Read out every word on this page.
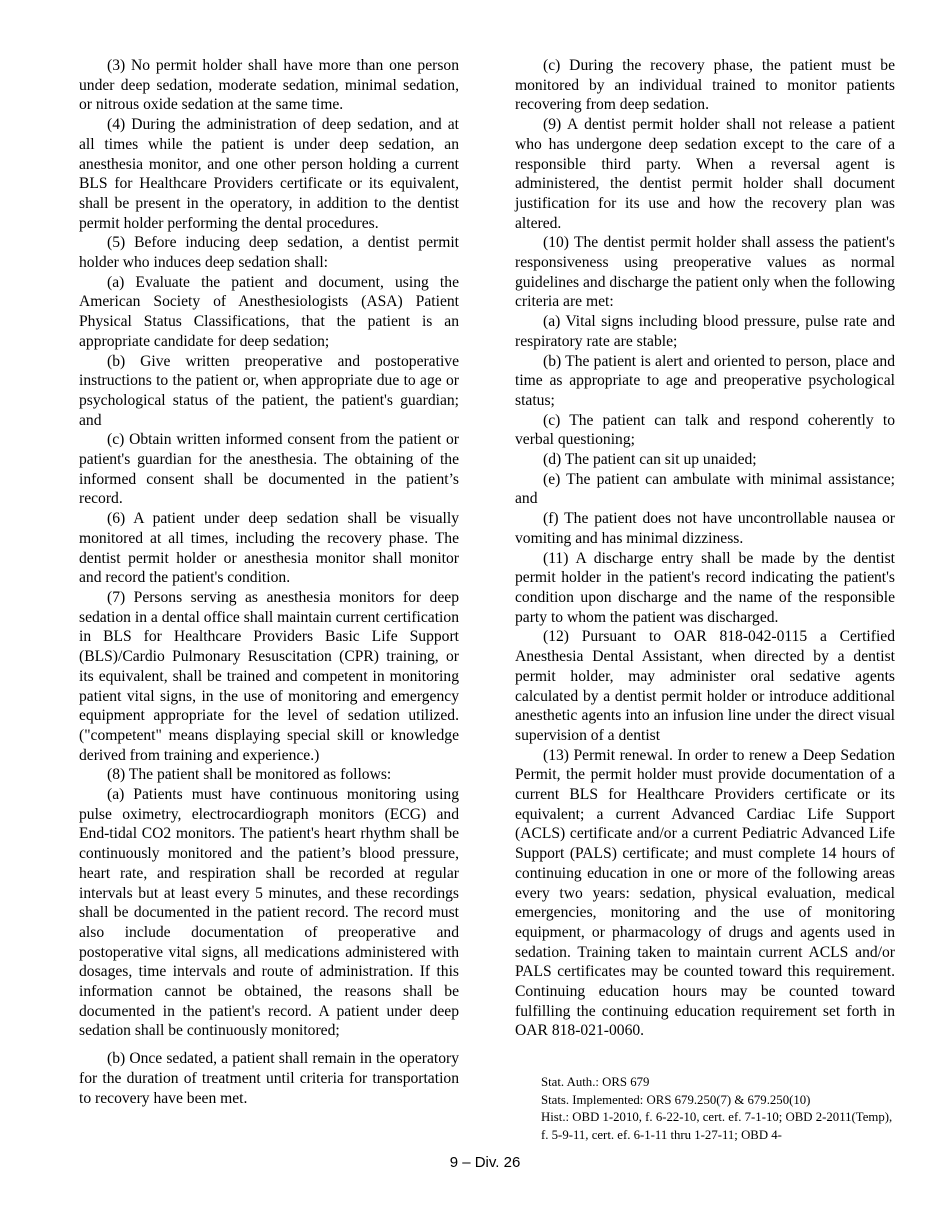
(3) No permit holder shall have more than one person under deep sedation, moderate sedation, minimal sedation, or nitrous oxide sedation at the same time.

(4) During the administration of deep sedation, and at all times while the patient is under deep sedation, an anesthesia monitor, and one other person holding a current BLS for Healthcare Providers certificate or its equivalent, shall be present in the operatory, in addition to the dentist permit holder performing the dental procedures.

(5) Before inducing deep sedation, a dentist permit holder who induces deep sedation shall:

(a) Evaluate the patient and document, using the American Society of Anesthesiologists (ASA) Patient Physical Status Classifications, that the patient is an appropriate candidate for deep sedation;

(b) Give written preoperative and postoperative instructions to the patient or, when appropriate due to age or psychological status of the patient, the patient's guardian; and

(c) Obtain written informed consent from the patient or patient's guardian for the anesthesia. The obtaining of the informed consent shall be documented in the patient’s record.

(6) A patient under deep sedation shall be visually monitored at all times, including the recovery phase. The dentist permit holder or anesthesia monitor shall monitor and record the patient's condition.

(7) Persons serving as anesthesia monitors for deep sedation in a dental office shall maintain current certification in BLS for Healthcare Providers Basic Life Support (BLS)/Cardio Pulmonary Resuscitation (CPR) training, or its equivalent, shall be trained and competent in monitoring patient vital signs, in the use of monitoring and emergency equipment appropriate for the level of sedation utilized. ("competent" means displaying special skill or knowledge derived from training and experience.)

(8) The patient shall be monitored as follows:

(a) Patients must have continuous monitoring using pulse oximetry, electrocardiograph monitors (ECG) and End-tidal CO2 monitors. The patient's heart rhythm shall be continuously monitored and the patient’s blood pressure, heart rate, and respiration shall be recorded at regular intervals but at least every 5 minutes, and these recordings shall be documented in the patient record. The record must also include documentation of preoperative and postoperative vital signs, all medications administered with dosages, time intervals and route of administration. If this information cannot be obtained, the reasons shall be documented in the patient's record. A patient under deep sedation shall be continuously monitored;

(b) Once sedated, a patient shall remain in the operatory for the duration of treatment until criteria for transportation to recovery have been met.

(c) During the recovery phase, the patient must be monitored by an individual trained to monitor patients recovering from deep sedation.

(9) A dentist permit holder shall not release a patient who has undergone deep sedation except to the care of a responsible third party. When a reversal agent is administered, the dentist permit holder shall document justification for its use and how the recovery plan was altered.

(10) The dentist permit holder shall assess the patient's responsiveness using preoperative values as normal guidelines and discharge the patient only when the following criteria are met:

(a) Vital signs including blood pressure, pulse rate and respiratory rate are stable;

(b) The patient is alert and oriented to person, place and time as appropriate to age and preoperative psychological status;

(c) The patient can talk and respond coherently to verbal questioning;

(d) The patient can sit up unaided;

(e) The patient can ambulate with minimal assistance; and

(f) The patient does not have uncontrollable nausea or vomiting and has minimal dizziness.

(11) A discharge entry shall be made by the dentist permit holder in the patient's record indicating the patient's condition upon discharge and the name of the responsible party to whom the patient was discharged.

(12) Pursuant to OAR 818-042-0115 a Certified Anesthesia Dental Assistant, when directed by a dentist permit holder, may administer oral sedative agents calculated by a dentist permit holder or introduce additional anesthetic agents into an infusion line under the direct visual supervision of a dentist

(13) Permit renewal. In order to renew a Deep Sedation Permit, the permit holder must provide documentation of a current BLS for Healthcare Providers certificate or its equivalent; a current Advanced Cardiac Life Support (ACLS) certificate and/or a current Pediatric Advanced Life Support (PALS) certificate; and must complete 14 hours of continuing education in one or more of the following areas every two years: sedation, physical evaluation, medical emergencies, monitoring and the use of monitoring equipment, or pharmacology of drugs and agents used in sedation. Training taken to maintain current ACLS and/or PALS certificates may be counted toward this requirement. Continuing education hours may be counted toward fulfilling the continuing education requirement set forth in OAR 818-021-0060.

Stat. Auth.: ORS 679

Stats. Implemented: ORS 679.250(7) & 679.250(10)

Hist.: OBD 1-2010, f. 6-22-10, cert. ef. 7-1-10; OBD 2-2011(Temp), f. 5-9-11, cert. ef. 6-1-11 thru 1-27-11; OBD 4-

9 – Div. 26
